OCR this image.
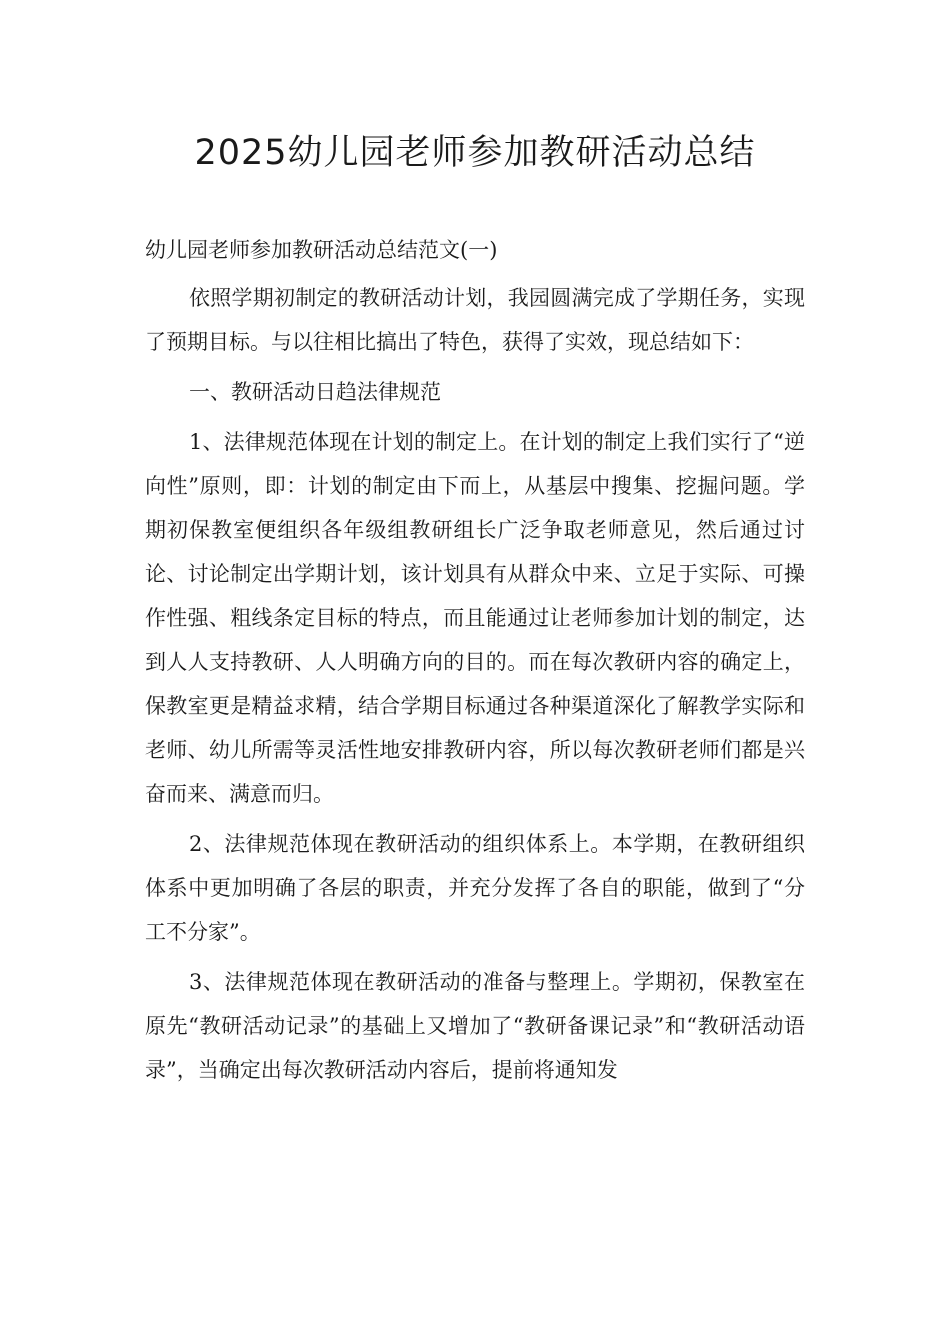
2025幼儿园老师参加教研活动总结

幼儿园老师参加教研活动总结范文(一)

依照学期初制定的教研活动计划，我园圆满完成了学期任务，实现了预期目标。与以往相比搞出了特色，获得了实效，现总结如下：

一、教研活动日趋法律规范

1、法律规范体现在计划的制定上。在计划的制定上我们实行了“逆向性”原则，即：计划的制定由下而上，从基层中搜集、挖掘问题。学期初保教室便组织各年级组教研组长广泛争取老师意见，然后通过讨论、讨论制定出学期计划，该计划具有从群众中来、立足于实际、可操作性强、粗线条定目标的特点，而且能通过让老师参加计划的制定，达到人人支持教研、人人明确方向的目的。而在每次教研内容的确定上，保教室更是精益求精，结合学期目标通过各种渠道深化了解教学实际和老师、幼儿所需等灵活性地安排教研内容，所以每次教研老师们都是兴奋而来、满意而归。

2、法律规范体现在教研活动的组织体系上。本学期，在教研组织体系中更加明确了各层的职责，并充分发挥了各自的职能，做到了“分工不分家”。

3、法律规范体现在教研活动的准备与整理上。学期初，保教室在原先“教研活动记录”的基础上又增加了“教研备课记录”和“教研活动语录”，当确定出每次教研活动内容后，提前将通知发
